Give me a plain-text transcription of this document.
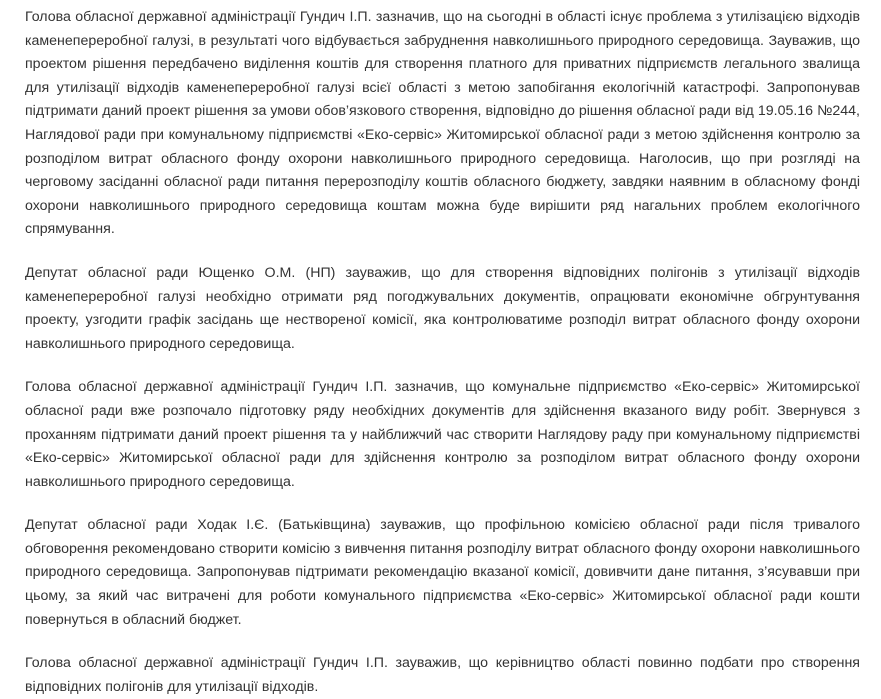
Голова обласної державної адміністрації Гундич І.П. зазначив, що на сьогодні в області існує проблема з утилізацією відходів каменепереробної галузі, в результаті чого відбувається забруднення навколишнього природного середовища. Зауважив, що проектом рішення передбачено виділення коштів для створення платного для приватних підприємств легального звалища для утилізації відходів каменепереробної галузі всієї області з метою запобігання екологічній катастрофі. Запропонував підтримати даний проект рішення за умови обов’язкового створення, відповідно до рішення обласної ради від 19.05.16 №244, Наглядової ради при комунальному підприємстві «Еко-сервіс» Житомирської обласної ради з метою здійснення контролю за розподілом витрат обласного фонду охорони навколишнього природного середовища. Наголосив, що при розгляді на черговому засіданні обласної ради питання перерозподілу коштів обласного бюджету, завдяки наявним в обласному фонді охорони навколишнього природного середовища коштам можна буде вирішити ряд нагальних проблем екологічного спрямування.

Депутат обласної ради Ющенко О.М. (НП) зауважив, що для створення відповідних полігонів з утилізації відходів каменепереробної галузі необхідно отримати ряд погоджувальних документів, опрацювати економічне обгрунтування проекту, узгодити графік засідань ще нествореної комісії, яка контролюватиме розподіл витрат обласного фонду охорони навколишнього природного середовища.

Голова обласної державної адміністрації Гундич І.П. зазначив, що комунальне підприємство «Еко-сервіс» Житомирської обласної ради вже розпочало підготовку ряду необхідних документів для здійснення вказаного виду робіт. Звернувся з проханням підтримати даний проект рішення та у найближчий час створити Наглядову раду при комунальному підприємстві «Еко-сервіс» Житомирської обласної ради для здійснення контролю за розподілом витрат обласного фонду охорони навколишнього природного середовища.

Депутат обласної ради Ходак І.Є. (Батьківщина) зауважив, що профільною комісією обласної ради після тривалого обговорення рекомендовано створити комісію з вивчення питання розподілу витрат обласного фонду охорони навколишнього природного середовища. Запропонував підтримати рекомендацію вказаної комісії, довивчити дане питання, з’ясувавши при цьому, за який час витрачені для роботи комунального підприємства «Еко-сервіс» Житомирської обласної ради кошти повернуться в обласний бюджет.

Голова обласної державної адміністрації Гундич І.П. зауважив, що керівництво області повинно подбати про створення відповідних полігонів для утилізації відходів.
